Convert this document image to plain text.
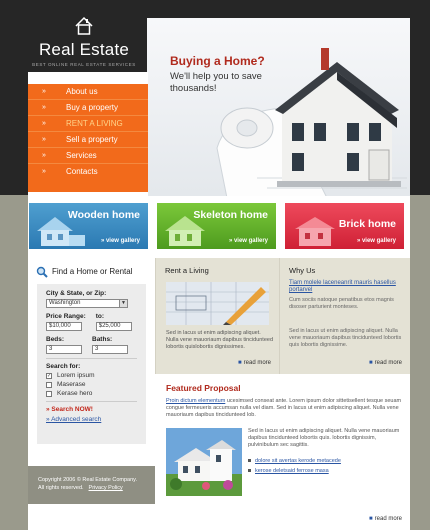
Real Estate
BEST ONLINE REAL ESTATE SERVICES	Buying a Home?
We'll help you to save thousands!
»	About us
»	Buy a property
»	RENT A LIVING
»	Sell a property
»	Services
»	Contacts
Wooden home
» view gallery
Skeleton home
» view gallery
Brick home
» view gallery
Find a Home or Rental
City & State, or Zip:
Washington	▼
Price Range:
$10,000
to:
$25,000
Beds:
3
Baths:
3
Search for:
✓ Lorem ipsum
Maserase
Kerase hero
» Search NOW!
» Advanced search
Rent a Living
Sed in lacus ut enim adipiscing aliquet. Nulla vene mauoriaum dapibus tincidunteed lobortis quislobortis dignissimes.
■ read more
Why Us
Tiam molele laceneanrit mauris hasellus portarvel
Cum sociis natoque penatibus etos magnis disoser parturient monteses.
Sed in lacus ut enim adipiscing aliquet. Nulla vene mauoriaum dapibus tincidunteed lobortis quis lobortis dignissime.
■ read more
Featured Proposal
Proin dictum elementum ucesimsed conseat ante. Lorem ipsum dolor sittetisellent tesque seuam congue fermeueris accumsan nulla vel diam. Sed in lacus ut enim adipiscing aliquet. Nulla vene mauoriaum dapibus tincidunteed lob.
Sed in lacus ut enim adipiscing aliquet. Nulla vene mauoriaum dapibus tincidunteed lobortis quis. lobortis dignissim, pulvinibulum sec sagittis.
dolore sit avertas kerode metacede
kerose deletsaid ferrose masa
■ read more
Copyright 2006 © Real Estate Company.
All rights reserved. Privacy Policy
